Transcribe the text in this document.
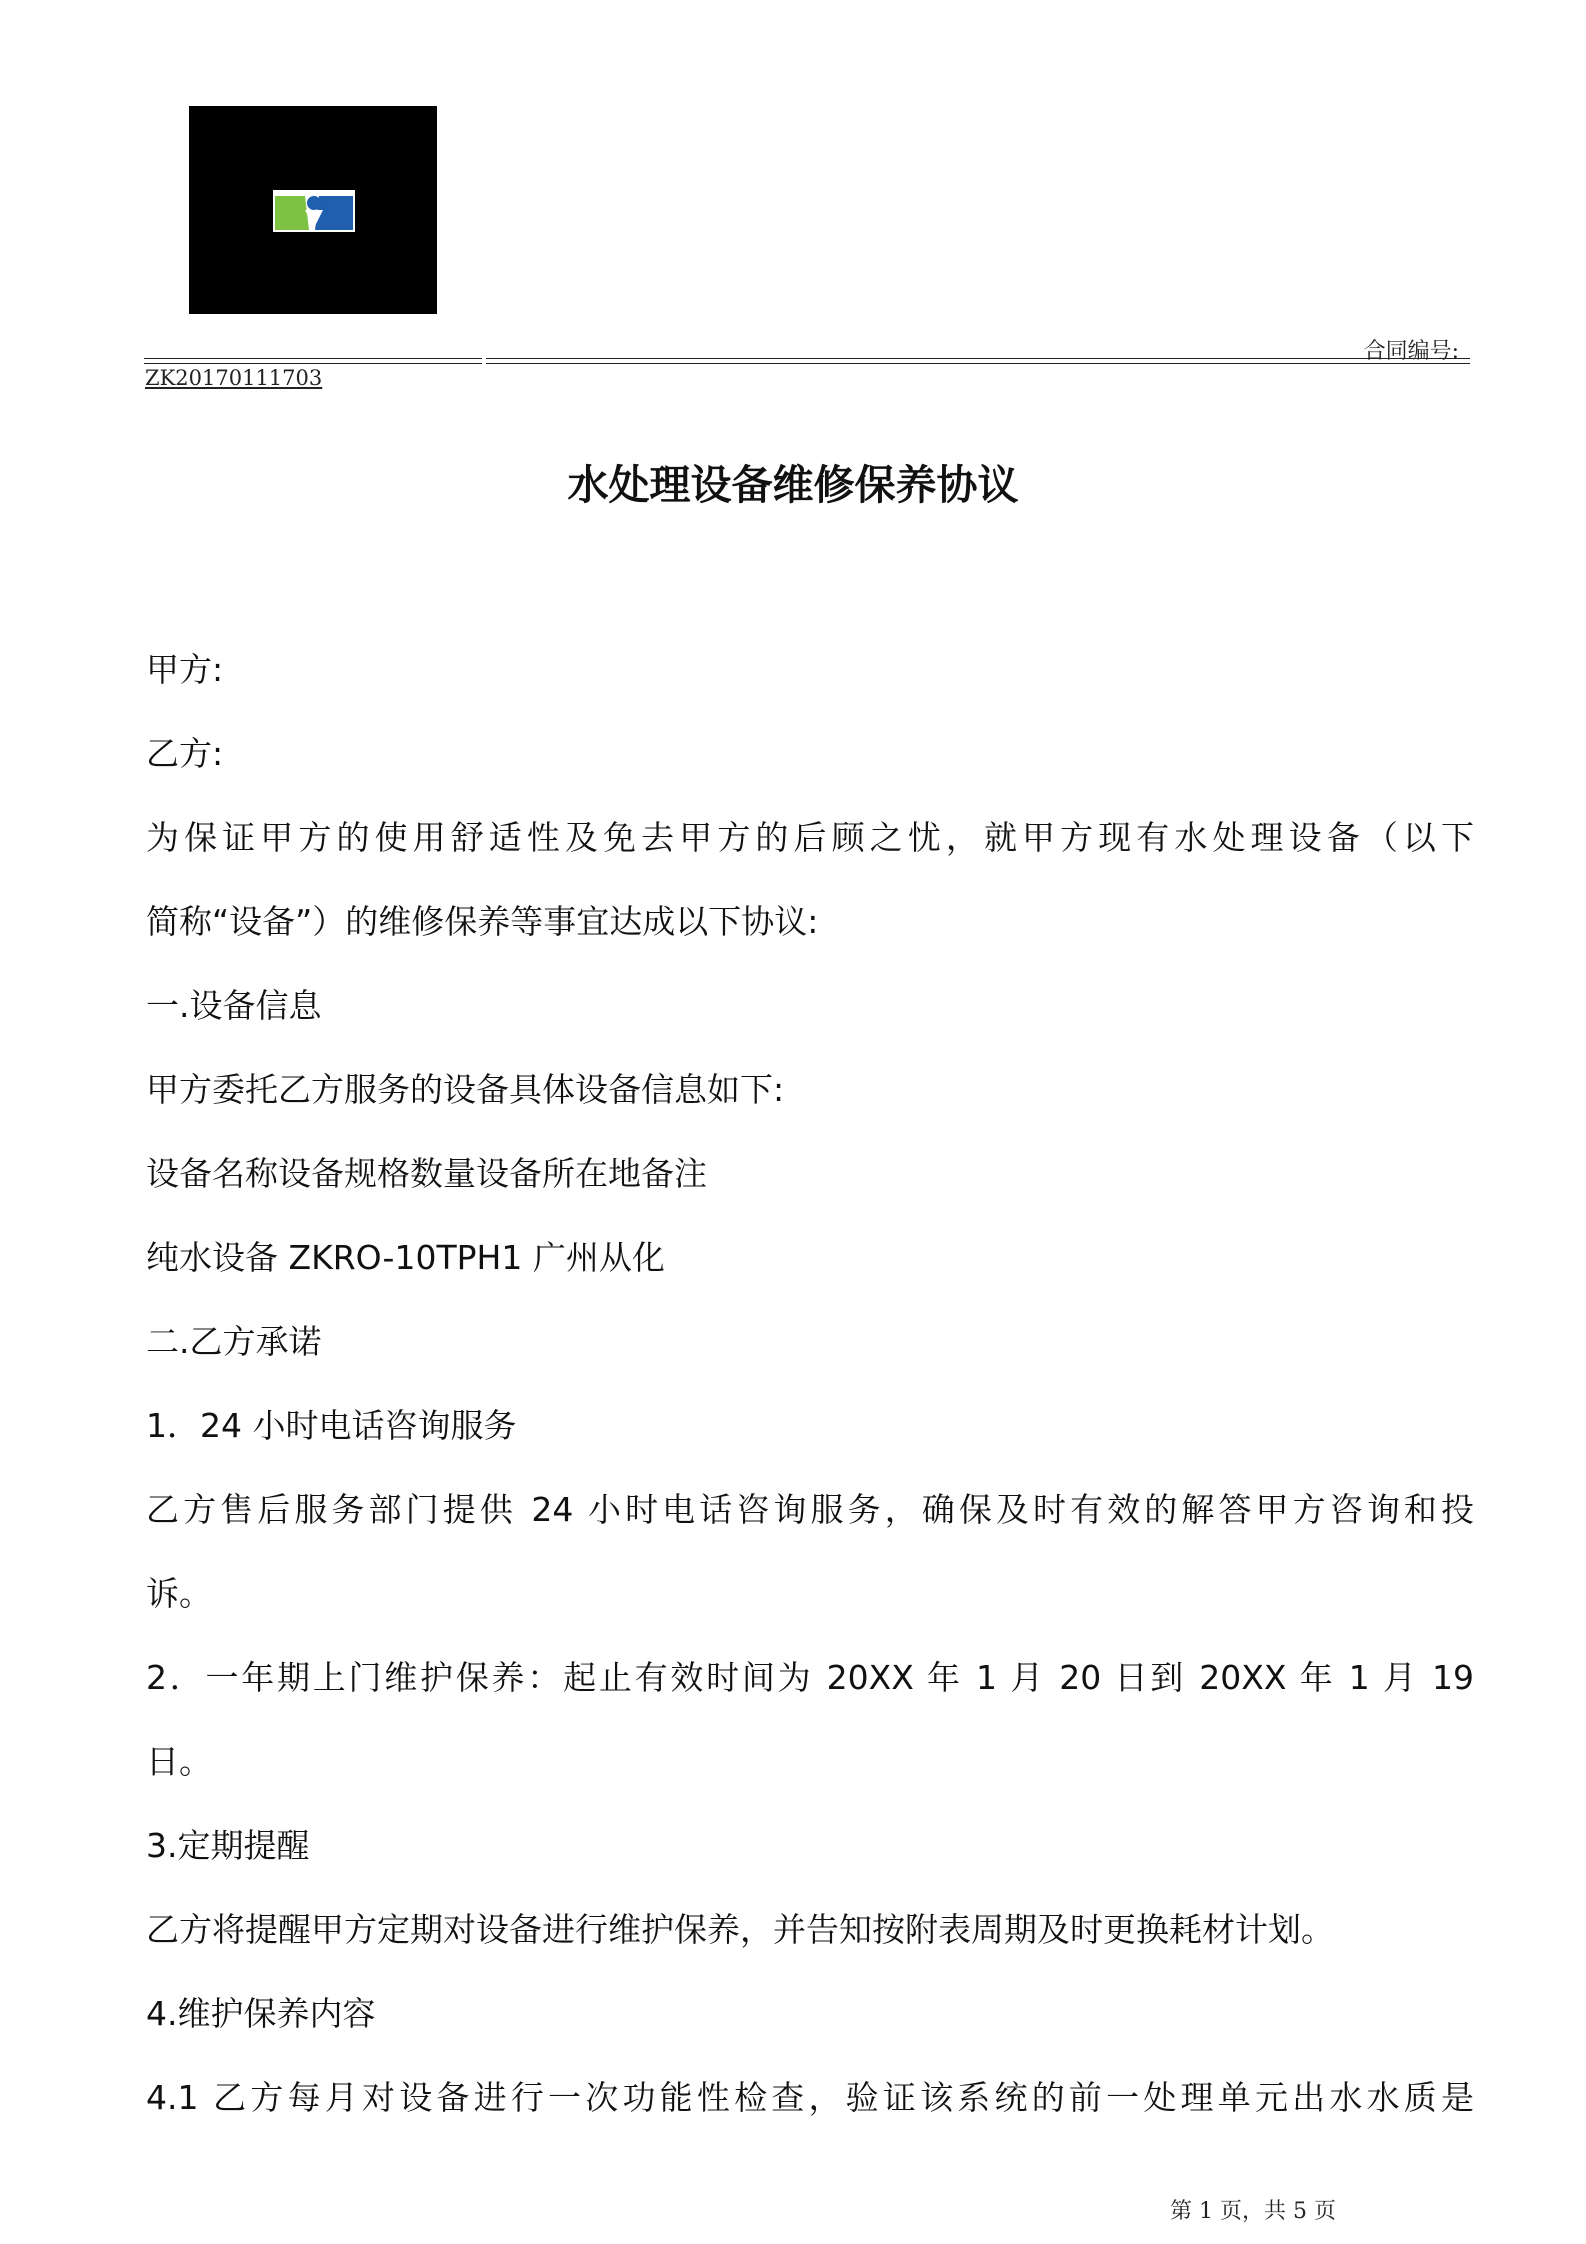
合同编号:
ZK20170111703
水处理设备维修保养协议
甲方:
乙方:
为保证甲方的使用舒适性及免去甲方的后顾之忧，就甲方现有水处理设备（以下
简称“设备”）的维修保养等事宜达成以下协议:
一.设备信息
甲方委托乙方服务的设备具体设备信息如下:
设备名称设备规格数量设备所在地备注
纯水设备 ZKRO-10TPH1 广州从化
二.乙方承诺
1．24 小时电话咨询服务
乙方售后服务部门提供 24 小时电话咨询服务，确保及时有效的解答甲方咨询和投
诉。
2．一年期上门维护保养：起止有效时间为 20XX 年 1 月 20 日到 20XX 年 1 月 19
日。
3.定期提醒
乙方将提醒甲方定期对设备进行维护保养，并告知按附表周期及时更换耗材计划。
4.维护保养内容
4.1 乙方每月对设备进行一次功能性检查，验证该系统的前一处理单元出水水质是
第 1 页，共 5 页
